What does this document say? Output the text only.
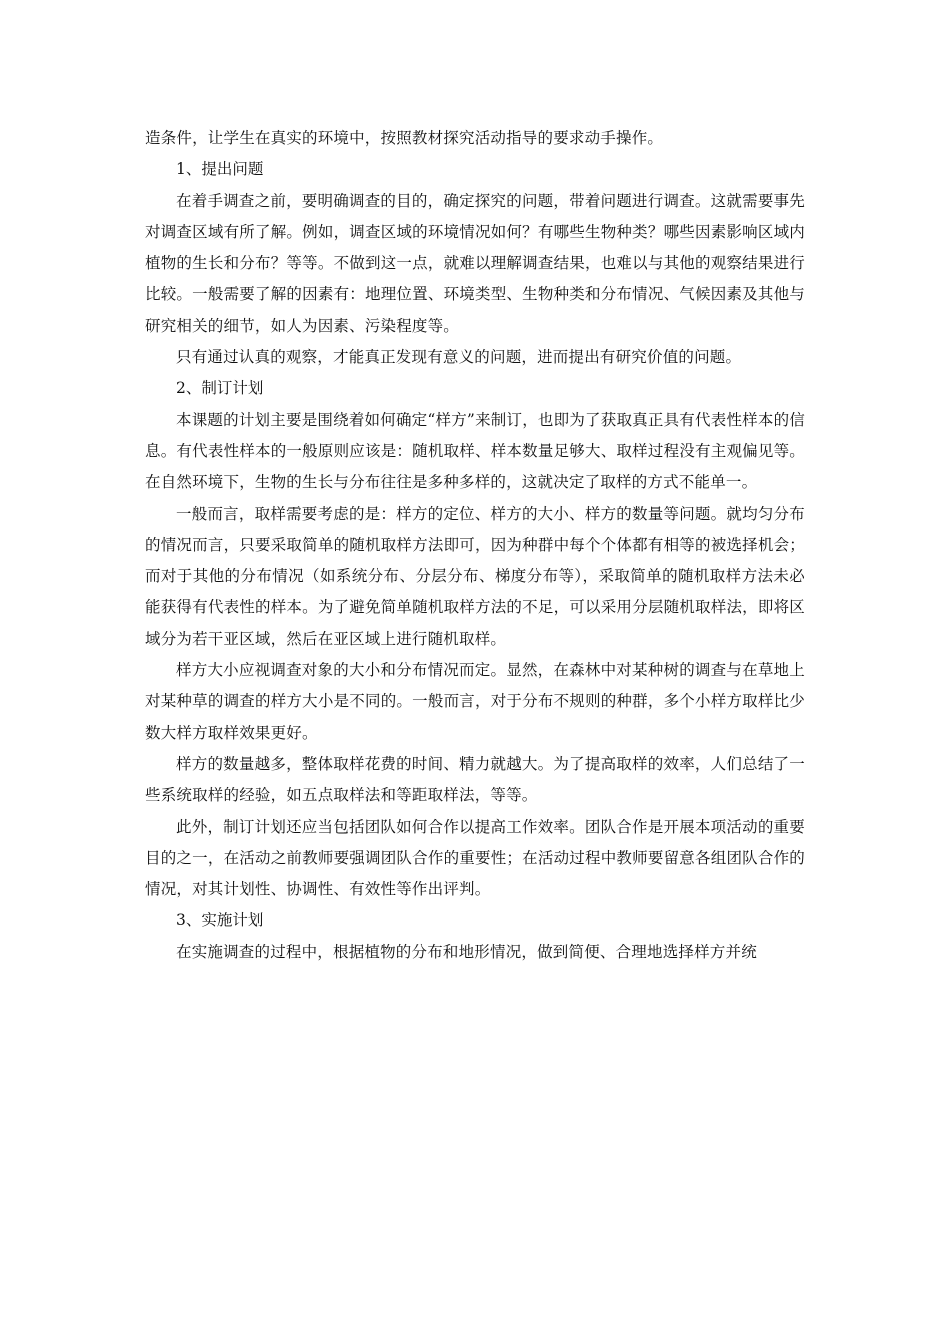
造条件，让学生在真实的环境中，按照教材探究活动指导的要求动手操作。

1、提出问题

在着手调查之前，要明确调查的目的，确定探究的问题，带着问题进行调查。这就需要事先对调查区域有所了解。例如，调查区域的环境情况如何？有哪些生物种类？哪些因素影响区域内植物的生长和分布？等等。不做到这一点，就难以理解调查结果，也难以与其他的观察结果进行比较。一般需要了解的因素有：地理位置、环境类型、生物种类和分布情况、气候因素及其他与研究相关的细节，如人为因素、污染程度等。

只有通过认真的观察，才能真正发现有意义的问题，进而提出有研究价值的问题。

2、制订计划

本课题的计划主要是围绕着如何确定“样方”来制订，也即为了获取真正具有代表性样本的信息。有代表性样本的一般原则应该是：随机取样、样本数量足够大、取样过程没有主观偏见等。在自然环境下，生物的生长与分布往往是多种多样的，这就决定了取样的方式不能单一。

一般而言，取样需要考虑的是：样方的定位、样方的大小、样方的数量等问题。就均匀分布的情况而言，只要采取简单的随机取样方法即可，因为种群中每个个体都有相等的被选择机会；而对于其他的分布情况（如系统分布、分层分布、梯度分布等），采取简单的随机取样方法未必能获得有代表性的样本。为了避免简单随机取样方法的不足，可以采用分层随机取样法，即将区域分为若干亚区域，然后在亚区域上进行随机取样。

样方大小应视调查对象的大小和分布情况而定。显然，在森林中对某种树的调查与在草地上对某种草的调查的样方大小是不同的。一般而言，对于分布不规则的种群，多个小样方取样比少数大样方取样效果更好。

样方的数量越多，整体取样花费的时间、精力就越大。为了提高取样的效率，人们总结了一些系统取样的经验，如五点取样法和等距取样法，等等。

此外，制订计划还应当包括团队如何合作以提高工作效率。团队合作是开展本项活动的重要目的之一，在活动之前教师要强调团队合作的重要性；在活动过程中教师要留意各组团队合作的情况，对其计划性、协调性、有效性等作出评判。

3、实施计划

在实施调查的过程中，根据植物的分布和地形情况，做到简便、合理地选择样方并统
